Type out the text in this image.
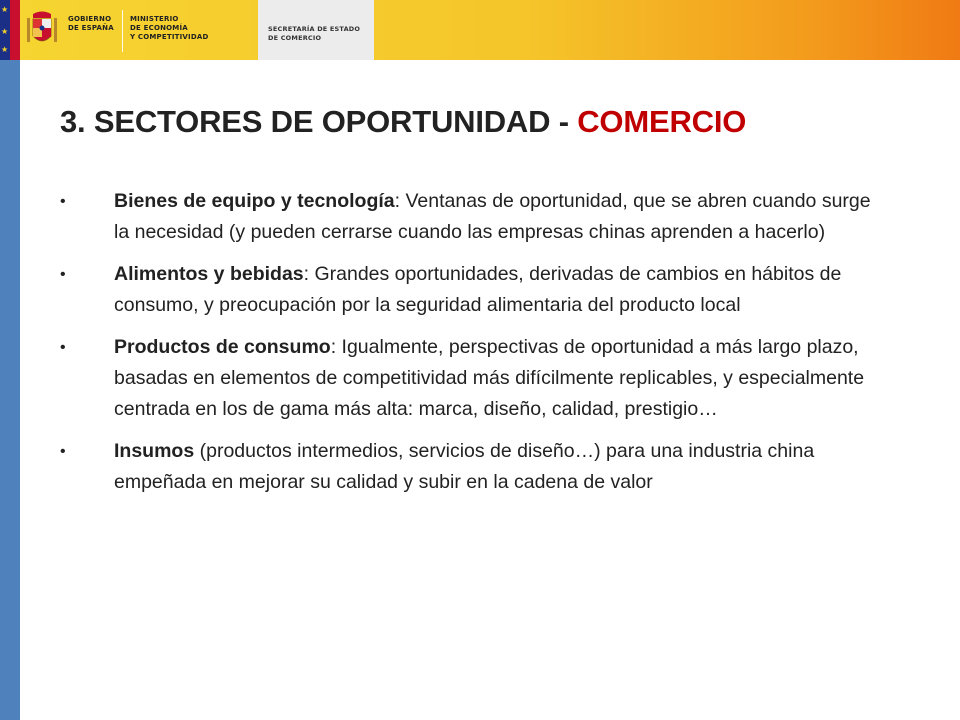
★
★
★
GOBIERNO
DE ESPAÑA
MINISTERIO
DE ECONOMÍA
Y COMPETITIVIDAD
SECRETARÍA DE ESTADO
DE COMERCIO
3. SECTORES DE OPORTUNIDAD - COMERCIO
•	Bienes de equipo y tecnología: Ventanas de oportunidad, que se abren cuando surge la necesidad (y pueden cerrarse cuando las empresas chinas aprenden a hacerlo)
•	Alimentos y bebidas: Grandes oportunidades, derivadas de cambios en hábitos de consumo, y preocupación por la seguridad alimentaria del producto local
•	Productos de consumo: Igualmente, perspectivas de oportunidad a más largo plazo, basadas en elementos de competitividad más difícilmente replicables, y especialmente centrada en los de gama más alta: marca, diseño, calidad, prestigio…
•	Insumos (productos intermedios, servicios de diseño…) para una industria china empeñada en mejorar su calidad y subir en la cadena de valor
